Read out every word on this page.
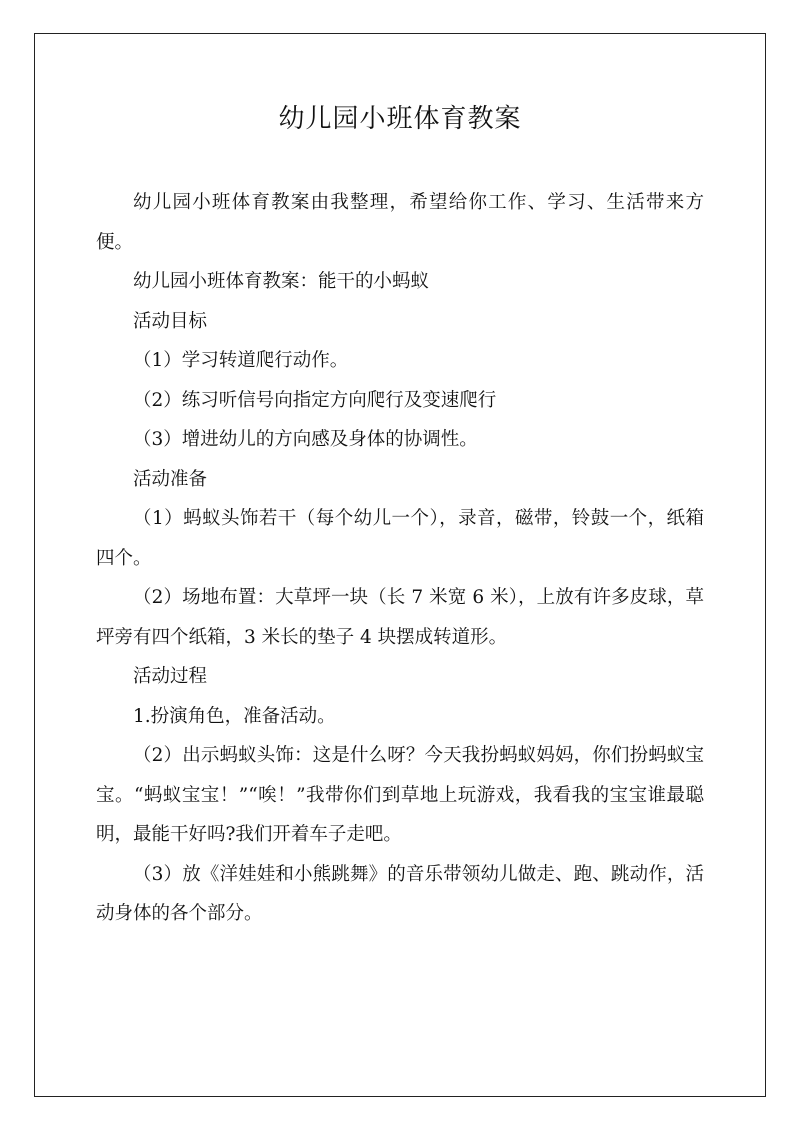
幼儿园小班体育教案

幼儿园小班体育教案由我整理，希望给你工作、学习、生活带来方便。

幼儿园小班体育教案：能干的小蚂蚁

活动目标

（1）学习转道爬行动作。

（2）练习听信号向指定方向爬行及变速爬行

（3）增进幼儿的方向感及身体的协调性。

活动准备

（1）蚂蚁头饰若干（每个幼儿一个），录音，磁带，铃鼓一个，纸箱四个。

（2）场地布置：大草坪一块（长 7 米宽 6 米），上放有许多皮球，草坪旁有四个纸箱，3 米长的垫子 4 块摆成转道形。

活动过程

1.扮演角色，准备活动。

（2）出示蚂蚁头饰：这是什么呀？今天我扮蚂蚁妈妈，你们扮蚂蚁宝宝。“蚂蚁宝宝！”“唉！”我带你们到草地上玩游戏，我看我的宝宝谁最聪明，最能干好吗?我们开着车子走吧。

（3）放《洋娃娃和小熊跳舞》的音乐带领幼儿做走、跑、跳动作，活动身体的各个部分。
